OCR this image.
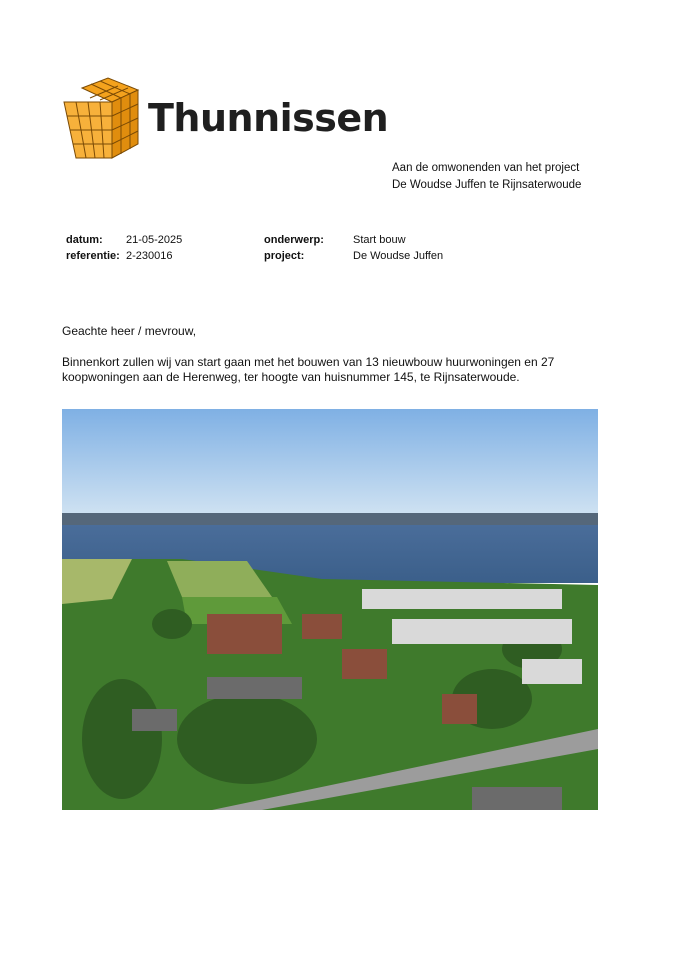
Thunnissen
Aan de omwonenden van het project
De Woudse Juffen te Rijnsaterwoude
datum: 21-05-2025
referentie: 2-230016
onderwerp:	Start bouw
project:	De Woudse Juffen
Geachte heer / mevrouw,
Binnenkort zullen wij van start gaan met het bouwen van 13 nieuwbouw huurwoningen en 27 koopwoningen aan de Herenweg, ter hoogte van huisnummer 145, te Rijnsaterwoude.
